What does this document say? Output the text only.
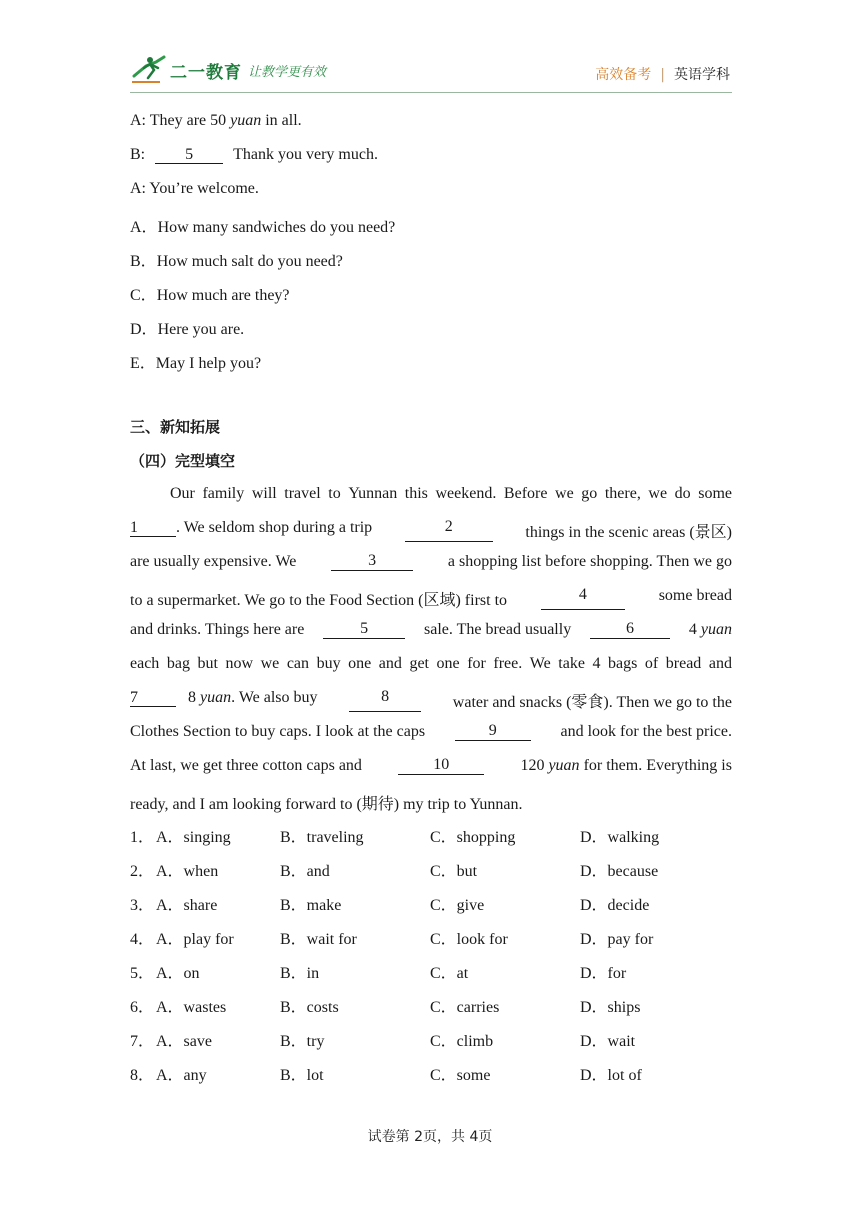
二一教育 让教学更有效	高效备考 | 英语学科
A: They are 50 yuan in all.
B:	5	Thank you very much.
A: You’re welcome.
A．How many sandwiches do you need?
B．How much salt do you need?
C．How much are they?
D．Here you are.
E．May I help you?
三、新知拓展
（四）完型填空
Our family will travel to Yunnan this weekend. Before we go there, we do some
1 . We seldom shop during a trip	2	things in the scenic areas (景区)
are usually expensive. We	3	a shopping list before shopping. Then we go
to a supermarket. We go to the Food Section (区域) first to	4	some bread
and drinks. Things here are	5	sale. The bread usually	6	4 yuan
each bag but now we can buy one and get one for free. We take 4 bags of bread and
7	8 yuan. We also buy	8	water and snacks (零食). Then we go to the
Clothes Section to buy caps. I look at the caps	9	and look for the best price.
At last, we get three cotton caps and	10	120 yuan for them. Everything is
ready, and I am looking forward to (期待) my trip to Yunnan.
1． A．singing	B．traveling	C．shopping	D．walking
2． A．when	B．and	C．but	D．because
3． A．share	B．make	C．give	D．decide
4． A．play for	B．wait for	C．look for	D．pay for
5． A．on	B．in	C．at	D．for
6． A．wastes	B．costs	C．carries	D．ships
7． A．save	B．try	C．climb	D．wait
8． A．any	B．lot	C．some	D．lot of
试卷第 2页，共 4页
